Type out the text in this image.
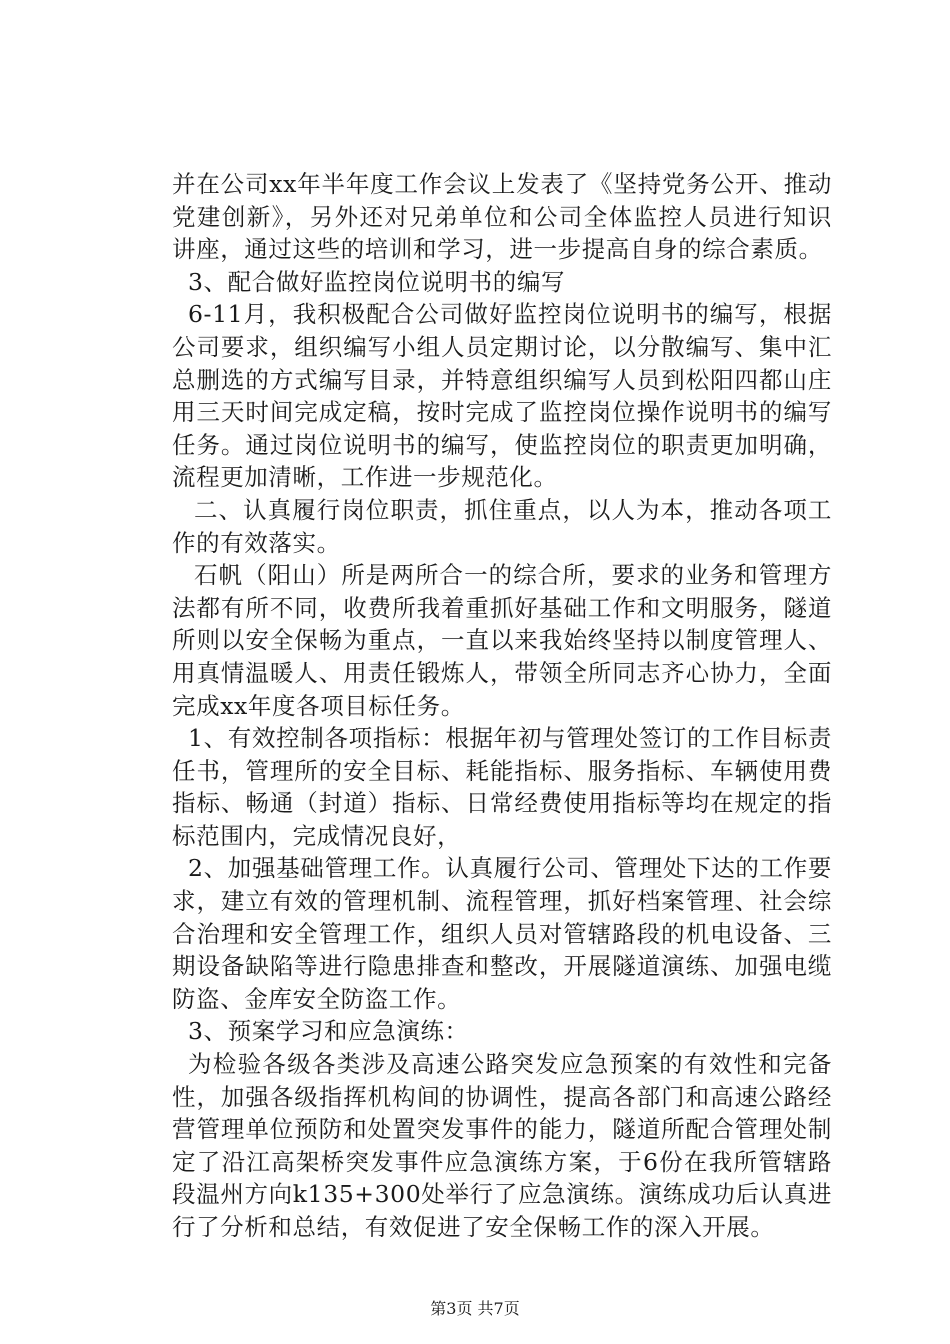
并在公司xx年半年度工作会议上发表了《坚持党务公开、推动党建创新》，另外还对兄弟单位和公司全体监控人员进行知识讲座，通过这些的培训和学习，进一步提高自身的综合素质。

3、配合做好监控岗位说明书的编写

6-11月，我积极配合公司做好监控岗位说明书的编写，根据公司要求，组织编写小组人员定期讨论，以分散编写、集中汇总删选的方式编写目录，并特意组织编写人员到松阳四都山庄用三天时间完成定稿，按时完成了监控岗位操作说明书的编写任务。通过岗位说明书的编写，使监控岗位的职责更加明确，流程更加清晰，工作进一步规范化。

二、认真履行岗位职责，抓住重点，以人为本，推动各项工作的有效落实。

石帆（阳山）所是两所合一的综合所，要求的业务和管理方法都有所不同，收费所我着重抓好基础工作和文明服务，隧道所则以安全保畅为重点，一直以来我始终坚持以制度管理人、用真情温暖人、用责任锻炼人，带领全所同志齐心协力，全面完成xx年度各项目标任务。

1、有效控制各项指标：根据年初与管理处签订的工作目标责任书，管理所的安全目标、耗能指标、服务指标、车辆使用费指标、畅通（封道）指标、日常经费使用指标等均在规定的指标范围内，完成情况良好，

2、加强基础管理工作。认真履行公司、管理处下达的工作要求，建立有效的管理机制、流程管理，抓好档案管理、社会综合治理和安全管理工作，组织人员对管辖路段的机电设备、三期设备缺陷等进行隐患排查和整改，开展隧道演练、加强电缆防盗、金库安全防盗工作。

3、预案学习和应急演练：

为检验各级各类涉及高速公路突发应急预案的有效性和完备性，加强各级指挥机构间的协调性，提高各部门和高速公路经营管理单位预防和处置突发事件的能力，隧道所配合管理处制定了沿江高架桥突发事件应急演练方案，于6份在我所管辖路段温州方向k135+300处举行了应急演练。演练成功后认真进行了分析和总结，有效促进了安全保畅工作的深入开展。

第3页 共7页
